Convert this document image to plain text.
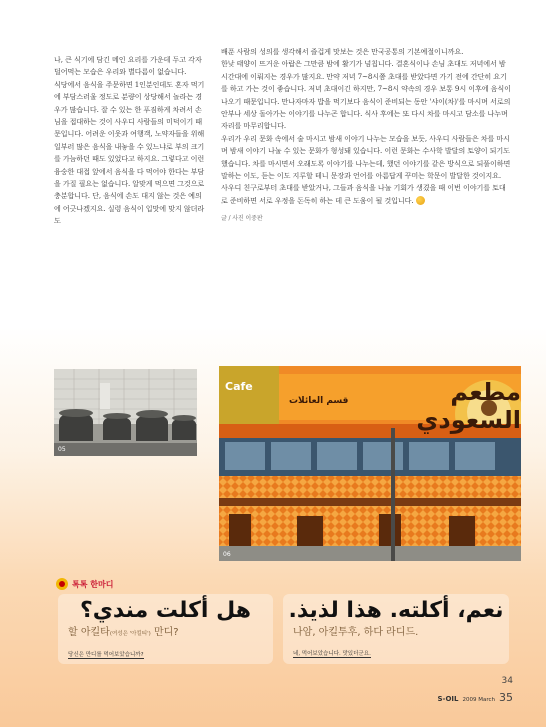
나, 큰 식기에 담긴 메인 요리를 가운데 두고 각자 덜어먹는 모습은 우리와 별다름이 없습니다.

식당에서 음식을 주문하면 1인분인데도 혼자 먹기에 부담스러울 정도로 분량이 상당해서 놀라는 경우가 많습니다. 잘 수 있는 한 푸짐하게 차려서 손님을 접대하는 것이 사우디 사람들의 미덕이기 때문입니다. 어려운 이웃과 여행객, 노약자들을 위해 일부러 많은 음식을 내놓을 수 있느냐로 부의 크기를 가늠하던 때도 있었다고 하지요. 그렇다고 이런 융숭한 대접 앞에서 음식을 다 먹어야 한다는 부담을 가질 필요는 없습니다. 알맞게 먹으면 그것으로 충분합니다. 단, 음식에 손도 대지 않는 것은 예의에 어긋나겠지요. 실령 음식이 입맛에 맞지 않더라도

배푼 사람의 성의를 생각해서 즐겁게 맛보는 것은 만국공통의 기본예절이니까요.

한낮 태양이 뜨거운 아랍은 그만큼 밤에 활기가 넘칩니다. 결혼식이나 손님 초대도 저녁에서 밤 시간대에 이뤄지는 경우가 많지요. 만약 저녁 7~8시쯤 초대를 받았다면 가기 전에 간단히 요기를 하고 가는 것이 좋습니다. 저녁 초대이긴 하지만, 7~8시 약속의 경우 보통 9시 이후에 음식이 나오기 때문입니다. 만나자마자 밥을 먹기보다 음식이 준비되는 동안 '샤이(차)'를 마시며 서로의 안부나 세상 돌아가는 이야기를 나누곤 합니다. 식사 후에는 또 다시 차를 마시고 담소를 나누며 자리를 마무리합니다.

우리가 우리 문화 속에서 술 마시고 밤새 이야기 나누는 모습을 보듯, 사우디 사람들은 차를 마시며 밤새 이야기 나눌 수 있는 문화가 형성돼 있습니다. 이런 문화는 수사학 발달의 토양이 되기도 했습니다. 차를 마시면서 오래도록 이야기를 나누는데, 했던 이야기를 같은 방식으로 되풀이하면 말하는 이도, 듣는 이도 지루할 테니 문장과 언어를 아름답게 꾸미는 학문이 발달한 것이지요.

사우디 친구로부터 초대를 받았거나, 그들과 음식을 나눌 기회가 생겼을 때 이번 이야기를 토대로 준비하면 서로 우정을 돈독히 하는 데 큰 도움이 될 것입니다.

글 / 사진 이중판
05
Cafe
قسم العائلات	مطعم السعودي
06
톡톡 한마디
هل أكلت مندي؟
할 아킬타(여성은 '아킬티') 만디?
당신은 만디를 먹어보았습니까?
نعم، أكلته. هذا لذيذ.
나암, 아킬투후, 하다 라디드.
네, 먹어보았습니다. 맛있더군요.
34
S-OIL 2009 March 35
